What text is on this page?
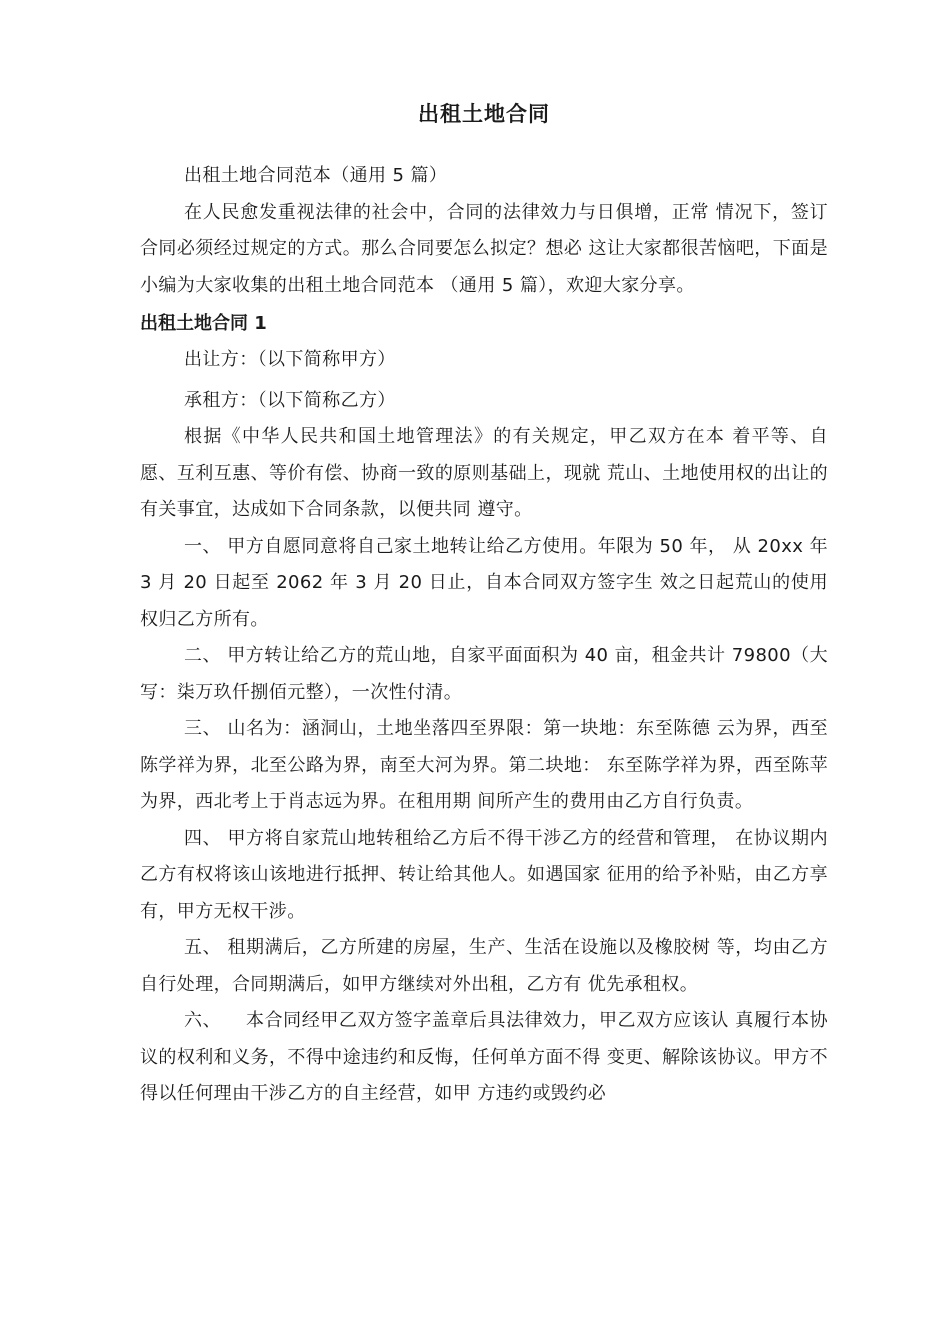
出租土地合同

出租土地合同范本（通用 5 篇）

在人民愈发重视法律的社会中，合同的法律效力与日俱增，正常 情况下，签订合同必须经过规定的方式。那么合同要怎么拟定？想必 这让大家都很苦恼吧，下面是小编为大家收集的出租土地合同范本 （通用 5 篇），欢迎大家分享。

出租土地合同 1

出让方：（以下简称甲方）

承租方：（以下简称乙方）

根据《中华人民共和国土地管理法》的有关规定，甲乙双方在本 着平等、自愿、互利互惠、等价有偿、协商一致的原则基础上，现就 荒山、土地使用权的出让的有关事宜，达成如下合同条款，以便共同 遵守。

一、 甲方自愿同意将自己家土地转让给乙方使用。年限为 50 年， 从 20xx 年 3 月 20 日起至 2062 年 3 月 20 日止，自本合同双方签字生 效之日起荒山的使用权归乙方所有。

二、 甲方转让给乙方的荒山地，自家平面面积为 40 亩，租金共计 79800（大写：柒万玖仟捌佰元整），一次性付清。

三、 山名为：涵洞山，土地坐落四至界限：第一块地：东至陈德 云为界，西至陈学祥为界，北至公路为界，南至大河为界。第二块地： 东至陈学祥为界，西至陈苹为界，西北考上于肖志远为界。在租用期 间所产生的费用由乙方自行负责。

四、 甲方将自家荒山地转租给乙方后不得干涉乙方的经营和管理， 在协议期内乙方有权将该山该地进行抵押、转让给其他人。如遇国家 征用的给予补贴，由乙方享有，甲方无权干涉。

五、 租期满后，乙方所建的房屋，生产、生活在设施以及橡胶树 等，均由乙方自行处理，合同期满后，如甲方继续对外出租，乙方有 优先承租权。

六、 　本合同经甲乙双方签字盖章后具法律效力，甲乙双方应该认 真履行本协议的权利和义务，不得中途违约和反悔，任何单方面不得 变更、解除该协议。甲方不得以任何理由干涉乙方的自主经营，如甲 方违约或毁约必
